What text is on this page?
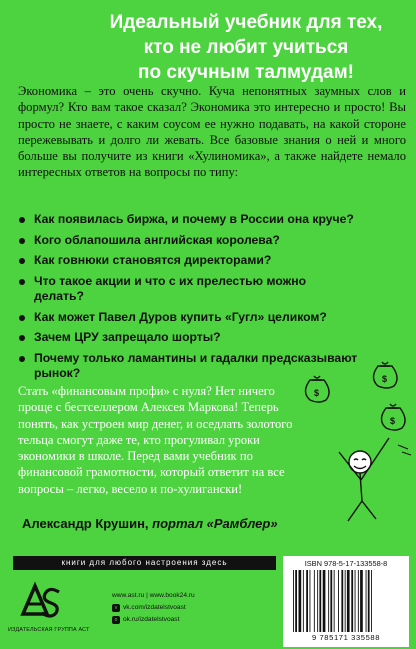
Идеальный учебник для тех,
кто не любит учиться
по скучным талмудам!

Экономика – это очень скучно. Куча непонятных заумных слов и формул? Кто вам такое сказал? Экономика это интересно и просто! Вы просто не знаете, с каким соусом ее нужно подавать, на какой стороне пережевывать и долго ли жевать. Все базовые знания о ней и много больше вы получите из книги «Хулиномика», а также найдете немало интересных ответов на вопросы по типу:

Как появилась биржа, и почему в России она круче?
Кого облапошила английская королева?
Как говнюки становятся директорами?
Что такое акции и что с их прелестью можно делать?
Как может Павел Дуров купить «Гугл» целиком?
Зачем ЦРУ запрещало шорты?
Почему только ламантины и гадалки предсказывают рынок?

Стать «финансовым профи» с нуля? Нет ничего проще с бестселлером Алексея Маркова! Теперь понять, как устроен мир денег, и оседлать золотого тельца смогут даже те, кто прогуливал уроки экономики в школе. Перед вами учебник по финансовой грамотности, который ответит на все вопросы – легко, весело и по-хулигански!

$
$
$
Александр Крушин, портал «Рамблер»
книги для любого настроения здесь
ИЗДАТЕЛЬСКАЯ ГРУППА АСТ
www.ast.ru | www.book24.ru
v vk.com/izdatelstvoast
o ok.ru/izdatelstvoast
ISBN 978-5-17-133558-8
9 785171 335588
